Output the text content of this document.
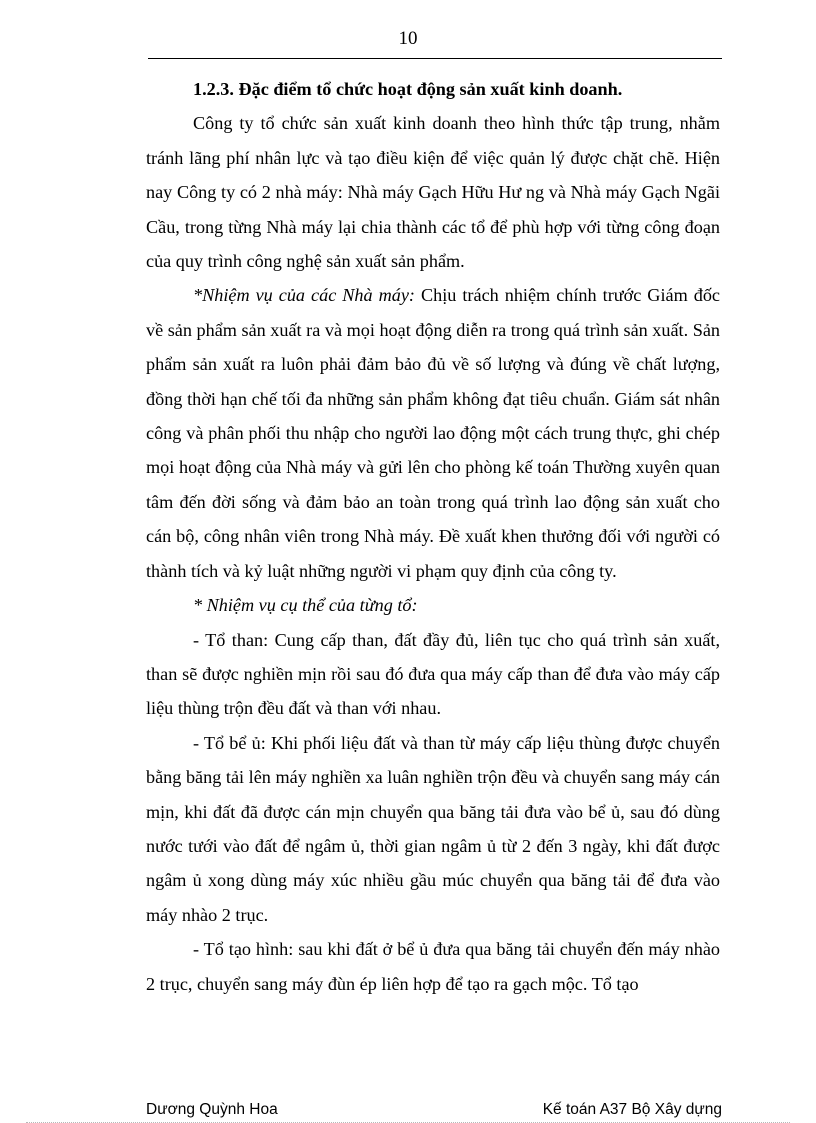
10

1.2.3. Đặc điểm tổ chức hoạt động sản xuất kinh doanh.

Công ty tổ chức sản xuất kinh doanh theo hình thức tập trung, nhằm tránh lãng phí nhân lực và tạo điều kiện để việc quản lý được chặt chẽ. Hiện nay Công ty có 2 nhà máy: Nhà máy Gạch Hữu Hư ng và Nhà máy Gạch Ngãi Cầu, trong từng Nhà máy lại chia thành các tổ để phù hợp với từng công đoạn của quy trình công nghệ sản xuất sản phẩm.

*Nhiệm vụ của các Nhà máy: Chịu trách nhiệm chính trước Giám đốc về sản phẩm sản xuất ra và mọi hoạt động diễn ra trong quá trình sản xuất. Sản phẩm sản xuất ra luôn phải đảm bảo đủ về số lượng và đúng về chất lượng, đồng thời hạn chế tối đa những sản phẩm không đạt tiêu chuẩn. Giám sát nhân công và phân phối thu nhập cho người lao động một cách trung thực, ghi chép mọi hoạt động của Nhà máy và gửi lên cho phòng kế toán Thường xuyên quan tâm đến đời sống và đảm bảo an toàn trong quá trình lao động sản xuất cho cán bộ, công nhân viên trong Nhà máy. Đề xuất khen thưởng đối với người có thành tích và kỷ luật những người vi phạm quy định của công ty.

* Nhiệm vụ cụ thể của từng tổ:

- Tổ than: Cung cấp than, đất đầy đủ, liên tục cho quá trình sản xuất, than sẽ được nghiền mịn rồi sau đó đưa qua máy cấp than để đưa vào máy cấp liệu thùng trộn đều đất và than với nhau.

- Tổ bể ủ: Khi phối liệu đất và than từ máy cấp liệu thùng được chuyển bằng băng tải lên máy nghiền xa luân nghiền trộn đều và chuyển sang máy cán mịn, khi đất đã được cán mịn chuyển qua băng tải đưa vào bể ủ, sau đó dùng nước tưới vào đất để ngâm ủ, thời gian ngâm ủ từ 2 đến 3 ngày, khi đất được ngâm ủ xong dùng máy xúc nhiều gầu múc chuyển qua băng tải để đưa vào máy nhào 2 trục.

- Tổ tạo hình: sau khi đất ở bể ủ đưa qua băng tải chuyển đến máy nhào 2 trục, chuyển sang máy đùn ép liên hợp để tạo ra gạch mộc. Tổ tạo

Dương Quỳnh Hoa	Kế toán A37 Bộ Xây dựng
